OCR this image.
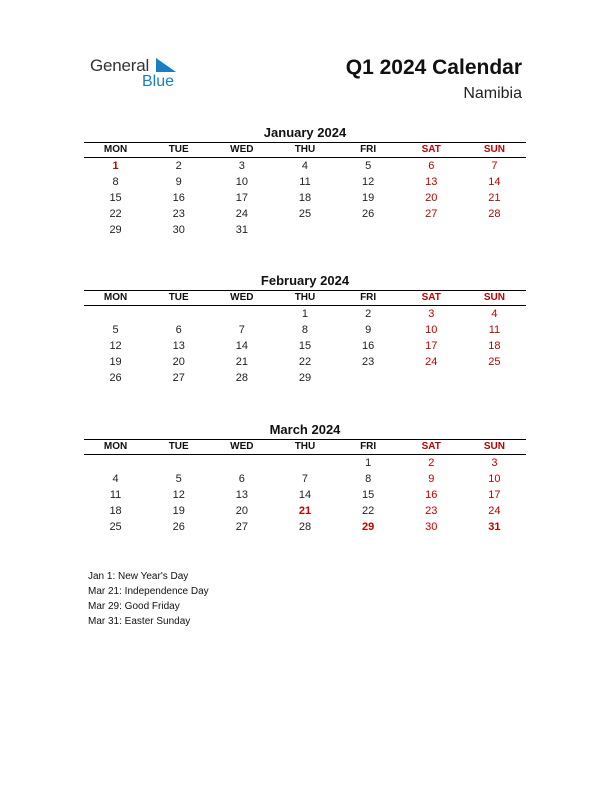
General
Blue
Q1 2024 Calendar
Namibia
January 2024
MON	TUE	WED	THU	FRI	SAT	SUN
1	2	3	4	5	6	7
8	9	10	11	12	13	14
15	16	17	18	19	20	21
22	23	24	25	26	27	28
29	30	31				
February 2024
MON	TUE	WED	THU	FRI	SAT	SUN
			1	2	3	4
5	6	7	8	9	10	11
12	13	14	15	16	17	18
19	20	21	22	23	24	25
26	27	28	29			
March 2024
MON	TUE	WED	THU	FRI	SAT	SUN
				1	2	3
4	5	6	7	8	9	10
11	12	13	14	15	16	17
18	19	20	21	22	23	24
25	26	27	28	29	30	31
Jan 1: New Year's Day
Mar 21: Independence Day
Mar 29: Good Friday
Mar 31: Easter Sunday
